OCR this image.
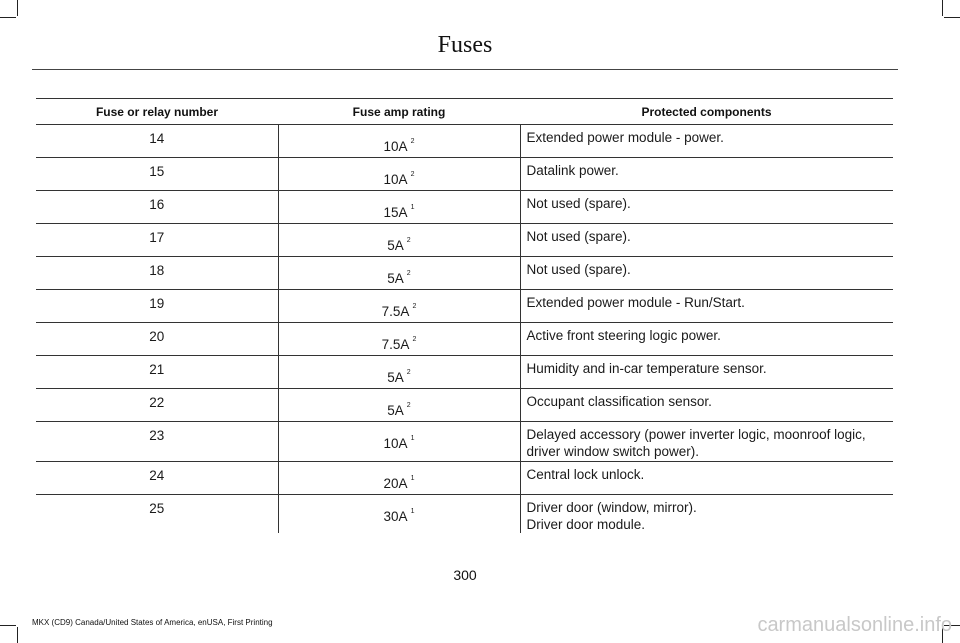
Fuses
Fuse or relay number	Fuse amp rating	Protected components

14	10A $^2$	Extended power module - power.

15	10A $^2$	Datalink power.

16	15A $^1$	Not used (spare).

17	5A $^2$	Not used (spare).

18	5A $^2$	Not used (spare).

19	7.5A $^2$	Extended power module - Run/Start.

20	7.5A $^2$	Active front steering logic power.

21	5A $^2$	Humidity and in-car temperature sensor.

22	5A $^2$	Occupant classification sensor.

23	10A $^1$	Delayed accessory (power inverter logic, moonroof logic, driver window switch power).

24	20A $^1$	Central lock unlock.

25	30A $^1$	Driver door (window, mirror).
Driver door module.
300
MKX (CD9) Canada/United States of America, enUSA, First Printing	carmanualsonline.info
